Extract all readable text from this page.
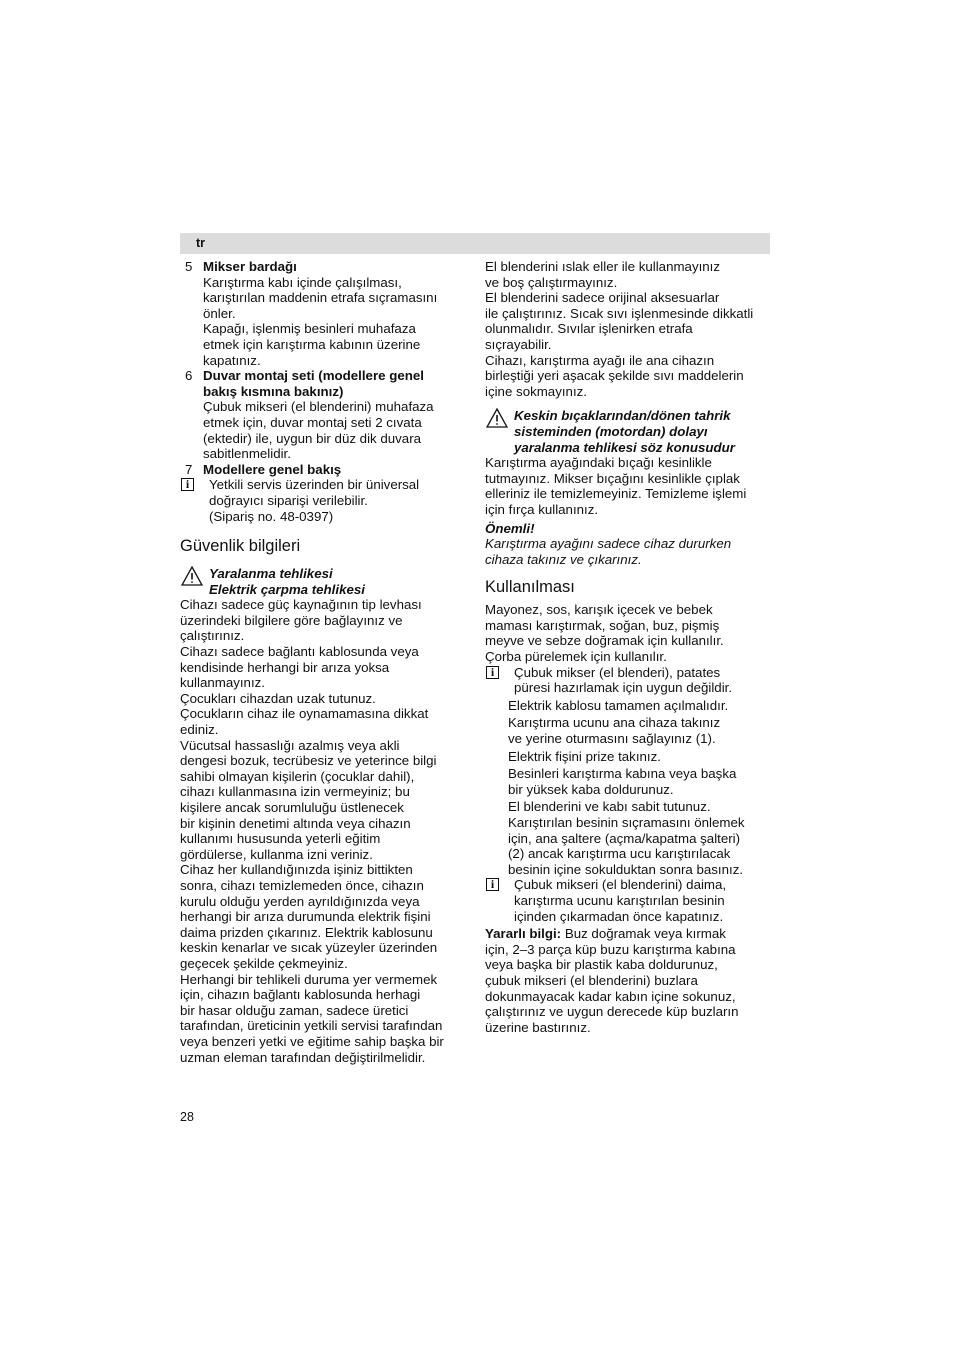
tr
5 Mikser bardağı

Karıştırma kabı içinde çalışılması,

karıştırılan maddenin etrafa sıçramasını

önler.

Kapağı, işlenmiş besinleri muhafaza

etmek için karıştırma kabının üzerine

kapatınız.

6 Duvar montaj seti (modellere genel

bakış kısmına bakınız)

Çubuk mikseri (el blenderini) muhafaza

etmek için, duvar montaj seti 2 cıvata

(ektedir) ile, uygun bir düz dik duvara

sabitlenmelidir.

7 Modellere genel bakış

i	Yetkili servis üzerinden bir üniversal

doğrayıcı siparişi verilebilir.

(Sipariş no. 48-0397)

Güvenlik bilgileri

Yaralanma tehlikesi

Elektrik çarpma tehlikesi

Cihazı sadece güç kaynağının tip levhası

üzerindeki bilgilere göre bağlayınız ve

çalıştırınız.

Cihazı sadece bağlantı kablosunda veya

kendisinde herhangi bir arıza yoksa

kullanmayınız.

Çocukları cihazdan uzak tutunuz.

Çocukların cihaz ile oynamamasına dikkat

ediniz.

Vücutsal hassaslığı azalmış veya akli

dengesi bozuk, tecrübesiz ve yeterince bilgi

sahibi olmayan kişilerin (çocuklar dahil),

cihazı kullanmasına izin vermeyiniz; bu

kişilere ancak sorumluluğu üstlenecek

bir kişinin denetimi altında veya cihazın

kullanımı hususunda yeterli eğitim

gördülerse, kullanma izni veriniz.

Cihaz her kullandığınızda işiniz bittikten

sonra, cihazı temizlemeden önce, cihazın

kurulu olduğu yerden ayrıldığınızda veya

herhangi bir arıza durumunda elektrik fişini

daima prizden çıkarınız. Elektrik kablosunu

keskin kenarlar ve sıcak yüzeyler üzerinden

geçecek şekilde çekmeyiniz.

Herhangi bir tehlikeli duruma yer vermemek

için, cihazın bağlantı kablosunda herhagi

bir hasar olduğu zaman, sadece üretici

tarafından, üreticinin yetkili servisi tarafından

veya benzeri yetki ve eğitime sahip başka bir

uzman eleman tarafından değiştirilmelidir.

El blenderini ıslak eller ile kullanmayınız

ve boş çalıştırmayınız.

El blenderini sadece orijinal aksesuarlar

ile çalıştırınız. Sıcak sıvı işlenmesinde dikkatli

olunmalıdır. Sıvılar işlenirken etrafa

sıçrayabilir.

Cihazı, karıştırma ayağı ile ana cihazın

birleştiği yeri aşacak şekilde sıvı maddelerin

içine sokmayınız.

Keskin bıçaklarından/dönen tahrik

sisteminden (motordan) dolayı

yaralanma tehlikesi söz konusudur

Karıştırma ayağındaki bıçağı kesinlikle

tutmayınız. Mikser bıçağını kesinlikle çıplak

elleriniz ile temizlemeyiniz. Temizleme işlemi

için fırça kullanınız.

Önemli!

Karıştırma ayağını sadece cihaz dururken

cihaza takınız ve çıkarınız.

Kullanılması

Mayonez, sos, karışık içecek ve bebek

maması karıştırmak, soğan, buz, pişmiş

meyve ve sebze doğramak için kullanılır.

Çorba pürelemek için kullanılır.

i	Çubuk mikser (el blenderi), patates

püresi hazırlamak için uygun değildir.

Elektrik kablosu tamamen açılmalıdır.

Karıştırma ucunu ana cihaza takınız

ve yerine oturmasını sağlayınız (1).

Elektrik fişini prize takınız.

Besinleri karıştırma kabına veya başka

bir yüksek kaba doldurunuz.

El blenderini ve kabı sabit tutunuz.

Karıştırılan besinin sıçramasını önlemek

için, ana şaltere (açma/kapatma şalteri)

(2) ancak karıştırma ucu karıştırılacak

besinin içine sokulduktan sonra basınız.

i	Çubuk mikseri (el blenderini) daima,

karıştırma ucunu karıştırılan besinin

içinden çıkarmadan önce kapatınız.

Yararlı bilgi: Buz doğramak veya kırmak

için, 2–3 parça küp buzu karıştırma kabına

veya başka bir plastik kaba doldurunuz,

çubuk mikseri (el blenderini) buzlara

dokunmayacak kadar kabın içine sokunuz,

çalıştırınız ve uygun derecede küp buzların

üzerine bastırınız.

28
